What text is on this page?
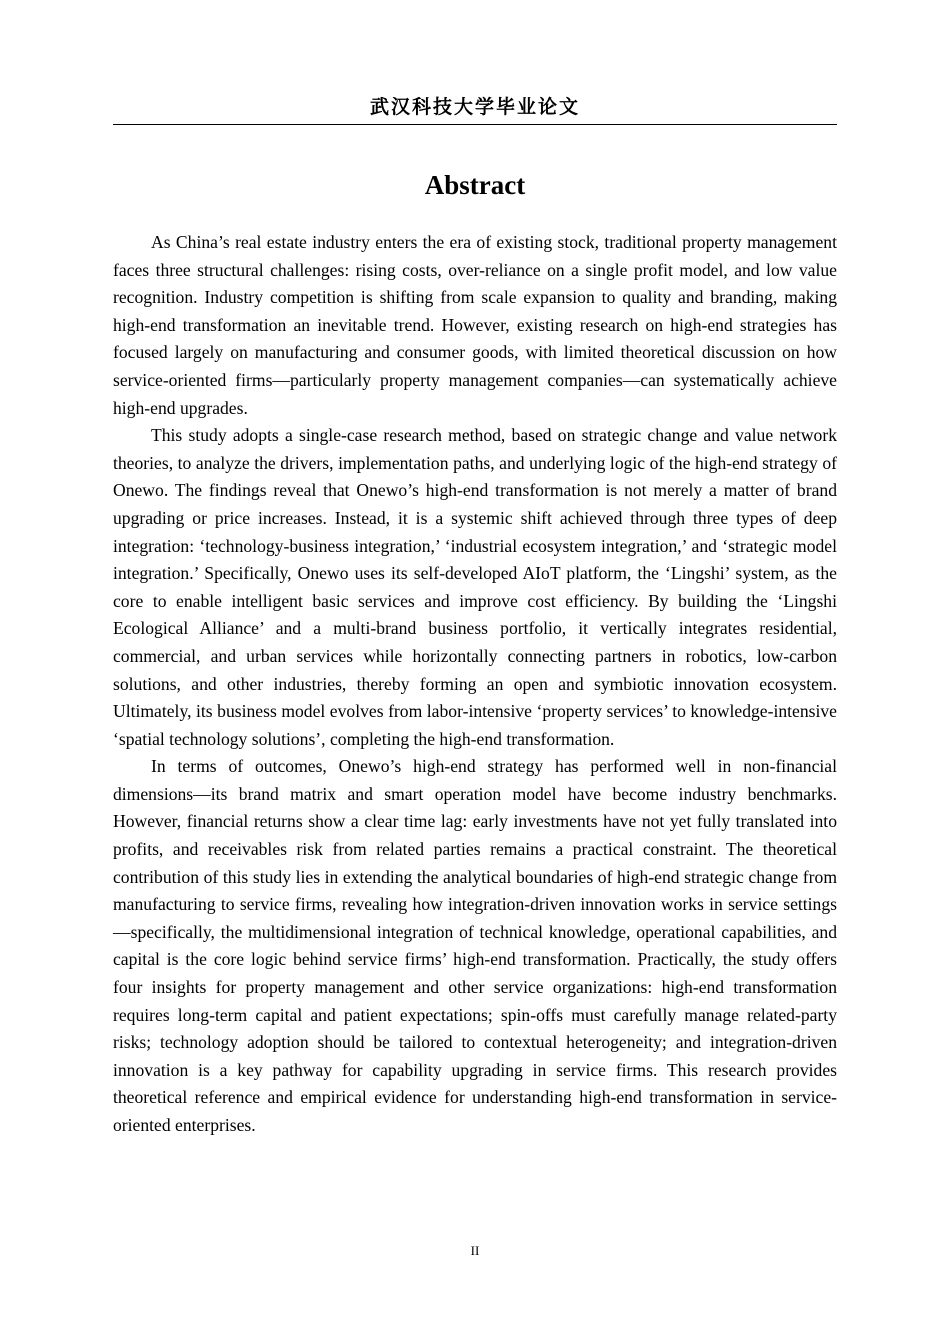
武汉科技大学毕业论文
Abstract

As China’s real estate industry enters the era of existing stock, traditional property management faces three structural challenges: rising costs, over-reliance on a single profit model, and low value recognition. Industry competition is shifting from scale expansion to quality and branding, making high-end transformation an inevitable trend. However, existing research on high-end strategies has focused largely on manufacturing and consumer goods, with limited theoretical discussion on how service-oriented firms—particularly property management companies—can systematically achieve high-end upgrades.

This study adopts a single-case research method, based on strategic change and value network theories, to analyze the drivers, implementation paths, and underlying logic of the high-end strategy of Onewo. The findings reveal that Onewo’s high-end transformation is not merely a matter of brand upgrading or price increases. Instead, it is a systemic shift achieved through three types of deep integration: ‘technology-business integration,’ ‘industrial ecosystem integration,’ and ‘strategic model integration.’ Specifically, Onewo uses its self-developed AIoT platform, the ‘Lingshi’ system, as the core to enable intelligent basic services and improve cost efficiency. By building the ‘Lingshi Ecological Alliance’ and a multi-brand business portfolio, it vertically integrates residential, commercial, and urban services while horizontally connecting partners in robotics, low-carbon solutions, and other industries, thereby forming an open and symbiotic innovation ecosystem. Ultimately, its business model evolves from labor-intensive ‘property services’ to knowledge-intensive ‘spatial technology solutions’, completing the high-end transformation.

In terms of outcomes, Onewo’s high-end strategy has performed well in non-financial dimensions—its brand matrix and smart operation model have become industry benchmarks. However, financial returns show a clear time lag: early investments have not yet fully translated into profits, and receivables risk from related parties remains a practical constraint. The theoretical contribution of this study lies in extending the analytical boundaries of high-end strategic change from manufacturing to service firms, revealing how integration-driven innovation works in service settings—specifically, the multidimensional integration of technical knowledge, operational capabilities, and capital is the core logic behind service firms’ high-end transformation. Practically, the study offers four insights for property management and other service organizations: high-end transformation requires long-term capital and patient expectations; spin-offs must carefully manage related-party risks; technology adoption should be tailored to contextual heterogeneity; and integration-driven innovation is a key pathway for capability upgrading in service firms. This research provides theoretical reference and empirical evidence for understanding high-end transformation in service-oriented enterprises.

II
